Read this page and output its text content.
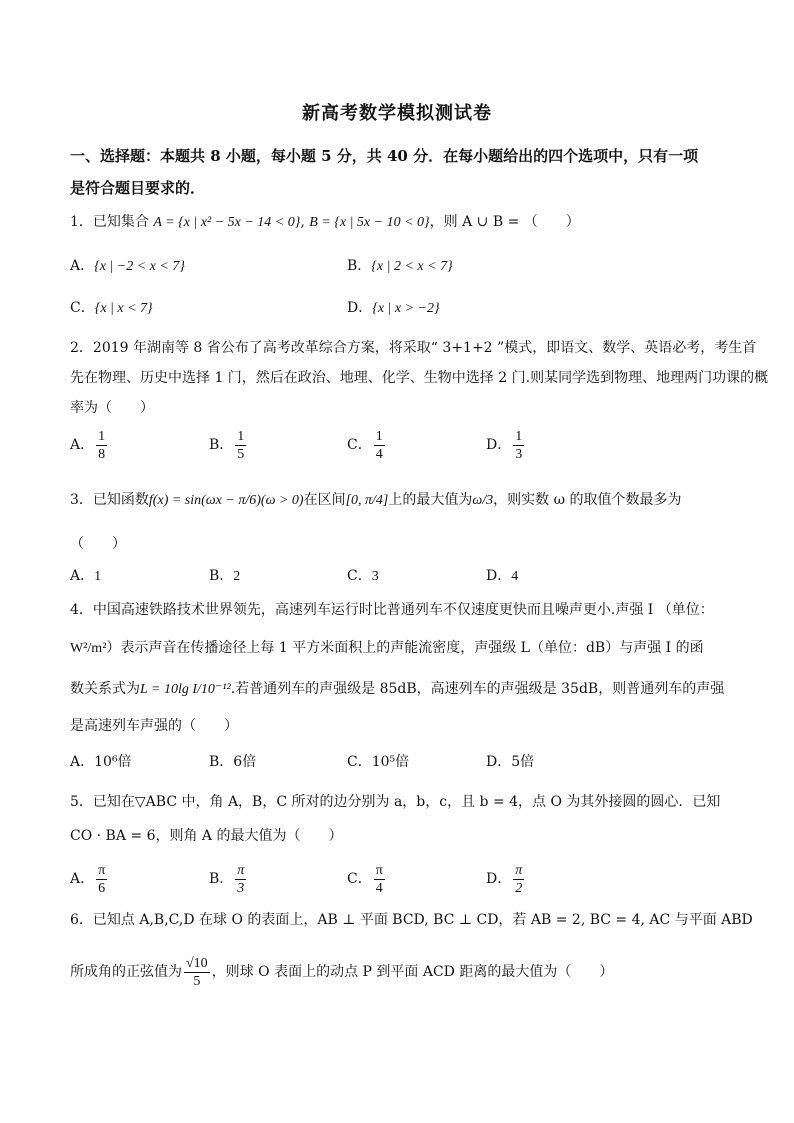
新高考数学模拟测试卷
一、选择题：本题共 8 小题，每小题 5 分，共 40 分．在每小题给出的四个选项中，只有一项
是符合题目要求的．
1．已知集合 A = {x | x² − 5x − 14 < 0}, B = {x | 5x − 10 < 0}，则 A ∪ B = （　　）
A．{x | −2 < x < 7}	B．{x | 2 < x < 7}
C．{x | x < 7}	D．{x | x > −2}
2．2019 年湖南等 8 省公布了高考改革综合方案，将采取“ 3+1+2 ”模式，即语文、数学、英语必考，考生首
先在物理、历史中选择 1 门，然后在政治、地理、化学、生物中选择 2 门.则某同学选到物理、地理两门功课的概
率为（　　）
A． $\frac{1}{8}$	B． $\frac{1}{5}$	C． $\frac{1}{4}$	D． $\frac{1}{3}$
3．已知函数f(x) = sin(ωx − π/6)(ω > 0)在区间[0, π/4]上的最大值为ω/3，则实数 ω 的取值个数最多为
（　　）
A．1	B．2	C．3	D．4
4．中国高速铁路技术世界领先，高速列车运行时比普通列车不仅速度更快而且噪声更小.声强 I （单位：
W²/m²）表示声音在传播途径上每 1 平方米面积上的声能流密度，声强级 L（单位：dB）与声强 I 的函
数关系式为L = 10lg I/10⁻¹².若普通列车的声强级是 85dB，高速列车的声强级是 35dB，则普通列车的声强
是高速列车声强的（　　）
A．10⁶倍	B．6倍	C．10⁵倍	D．5倍
5．已知在▽ABC 中，角 A，B，C 所对的边分别为 a，b，c，且 b = 4，点 O 为其外接圆的圆心．已知
CO · BA = 6，则角 A 的最大值为（　　）
A． $\frac{\pi}{6}$	B． $\frac{\pi}{3}$	C． $\frac{\pi}{4}$	D． $\frac{\pi}{2}$
6．已知点 A,B,C,D 在球 O 的表面上，AB ⊥ 平面 BCD, BC ⊥ CD，若 AB = 2, BC = 4, AC 与平面 ABD
所成角的正弦值为 $\frac{√10}{5}$ ，则球 O 表面上的动点 P 到平面 ACD 距离的最大值为（　　）
